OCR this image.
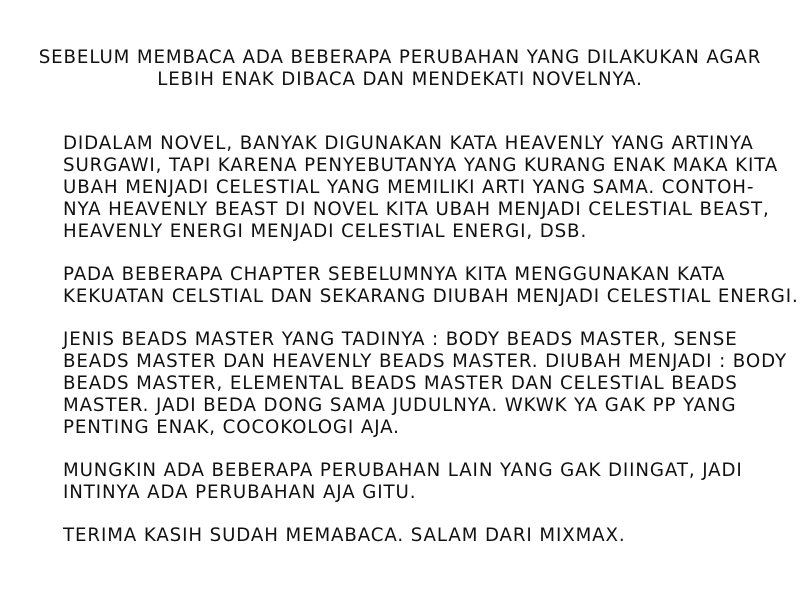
SEBELUM MEMBACA ADA BEBERAPA PERUBAHAN YANG DILAKUKAN AGAR
LEBIH ENAK DIBACA DAN MENDEKATI NOVELNYA.
DIDALAM NOVEL, BANYAK DIGUNAKAN KATA HEAVENLY YANG ARTINYA
SURGAWI, TAPI KARENA PENYEBUTANYA YANG KURANG ENAK MAKA KITA
UBAH MENJADI CELESTIAL YANG MEMILIKI ARTI YANG SAMA. CONTOH-
NYA HEAVENLY BEAST DI NOVEL KITA UBAH MENJADI CELESTIAL BEAST,
HEAVENLY ENERGI MENJADI CELESTIAL ENERGI, DSB.
PADA BEBERAPA CHAPTER SEBELUMNYA KITA MENGGUNAKAN KATA
KEKUATAN CELSTIAL DAN SEKARANG DIUBAH MENJADI CELESTIAL ENERGI.
JENIS BEADS MASTER YANG TADINYA : BODY BEADS MASTER, SENSE
BEADS MASTER DAN HEAVENLY BEADS MASTER. DIUBAH MENJADI : BODY
BEADS MASTER, ELEMENTAL BEADS MASTER DAN CELESTIAL BEADS
MASTER. JADI BEDA DONG SAMA JUDULNYA. WKWK YA GAK PP YANG
PENTING ENAK, COCOKOLOGI AJA.
MUNGKIN ADA BEBERAPA PERUBAHAN LAIN YANG GAK DIINGAT, JADI
INTINYA ADA PERUBAHAN AJA GITU.
TERIMA KASIH SUDAH MEMABACA. SALAM DARI MIXMAX.
